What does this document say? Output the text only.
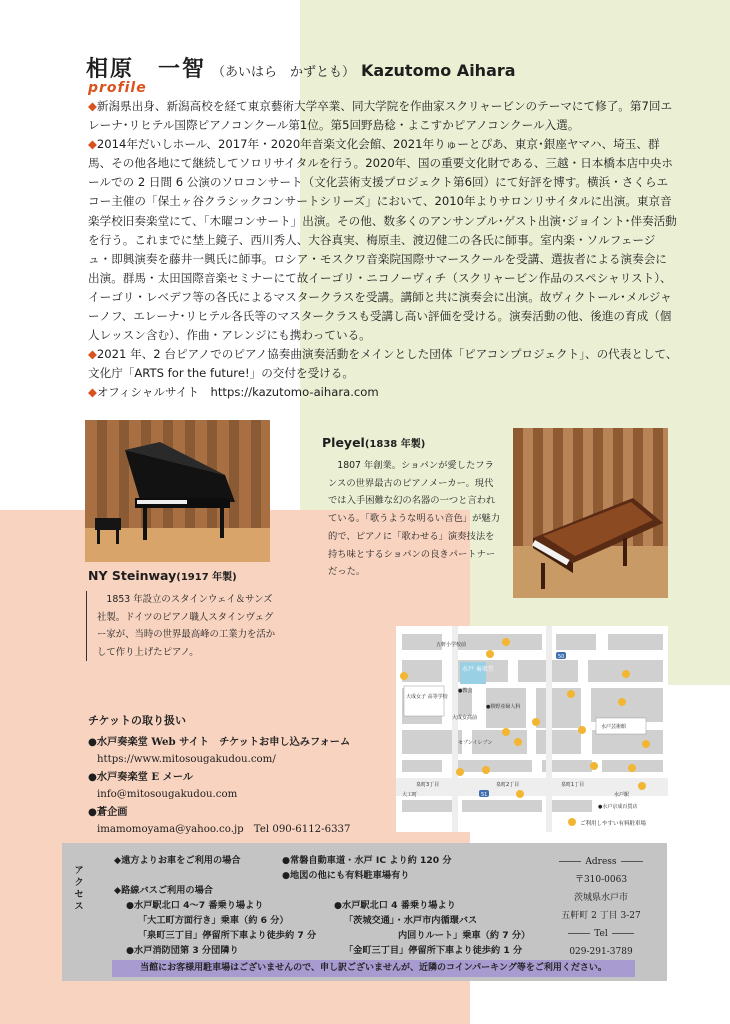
相原　一智 （あいはら　かずとも） Kazutomo Aihara
profile

◆新潟県出身、新潟高校を経て東京藝術大学卒業、同大学院を作曲家スクリャービンのテーマにて修了。第7回エレーナ･リヒテル国際ピアノコンクール第1位。第5回野島稔・よこすかピアノコンクール入選。

◆2014年だいしホール、2017年・2020年音楽文化会館、2021年りゅーとぴあ、東京･銀座ヤマハ、埼玉、群馬、その他各地にて継続してソロリサイタルを行う。2020年、国の重要文化財である、三越・日本橋本店中央ホールでの 2 日間 6 公演のソロコンサート（文化芸術支援プロジェクト第6回）にて好評を博す。横浜・さくらエコー主催の「保土ヶ谷クラシックコンサートシリーズ」において、2010年よりサロンリサイタルに出演。東京音楽学校旧奏楽堂にて、「木曜コンサート」出演。その他、数多くのアンサンブル･ゲスト出演･ジョイント･伴奏活動を行う。これまでに埜上鏡子、西川秀人、大谷真実、梅原圭、渡辺健二の各氏に師事。室内楽・ソルフェージュ・即興演奏を藤井一興氏に師事。ロシア・モスクワ音楽院国際サマースクールを受講、選抜者による演奏会に出演。群馬・太田国際音楽セミナーにて故イーゴリ・ニコノーヴィチ（スクリャービン作品のスペシャリスト）、イーゴリ・レベデフ等の各氏によるマスタークラスを受講。講師と共に演奏会に出演。故ヴィクトール･メルジャーノフ、エレーナ･リヒテル各氏等のマスタークラスも受講し高い評価を受ける。演奏活動の他、後進の育成（個人レッスン含む）、作曲・アレンジにも携わっている。

◆2021 年、2 台ピアノでのピアノ協奏曲演奏活動をメインとした団体「ピアコンプロジェクト」、の代表として、文化庁「ARTS for the future!」の交付を受ける。

◆オフィシャルサイト　https://kazutomo-aihara.com

Pleyel(1838 年製)
1807 年創業。ショパンが愛したフランスの世界最古のピアノメーカー。現代では入手困難な幻の名器の一つと言われている。「歌うような明るい音色」が魅力的で、ピアノに「歌わせる」演奏技法を持ち味とするショパンの良きパートナーだった。
NY Steinway(1917 年製)
1853 年設立のスタインウェイ＆サンズ社製。ドイツのピアノ職人スタインヴェグー家が、当時の世界最高峰の工業力を活かして作り上げたピアノ。
五軒小学校前
水戸 奏楽堂
大成女子 高等学校
大成女高前
セブンイレブン
●勝野産婦人科
●教会
水戸芸術館
泉町3丁目	泉町2丁目	泉町1丁目
大工町	水戸駅
●水戸京成百貨店
50
51
ご利用しやすい有料駐車場
チケットの取り扱い
●水戸奏楽堂 Web サイト　チケットお申し込みフォーム
https://www.mitosougakudou.com/
●水戸奏楽堂 E メール
info@mitosougakudou.com
●蒼企画
imamomoyama@yahoo.co.jp　Tel 090-6112-6337
アクセス
◆遠方よりお車をご利用の場合	●常磐自動車道・水戸 IC より約 120 分
●地図の他にも有料駐車場有り
◆路線バスご利用の場合
●水戸駅北口 4～7 番乗り場より
「大工町方面行き」乗車（約 6 分）
「泉町三丁目」停留所下車より徒歩約 7 分
●水戸消防団第 3 分団隣り
●水戸駅北口 4 番乗り場より
「茨城交通」・水戸市内循環バス
内回りルート」乗車（約 7 分）
「金町三丁目」停留所下車より徒歩約 1 分
Adress
〒310-0063
茨城県水戸市
五軒町 2 丁目 3-27
Tel
029-291-3789
当館にお客様用駐車場はございませんので、申し訳ございませんが、近隣のコインパーキング等をご利用ください。
